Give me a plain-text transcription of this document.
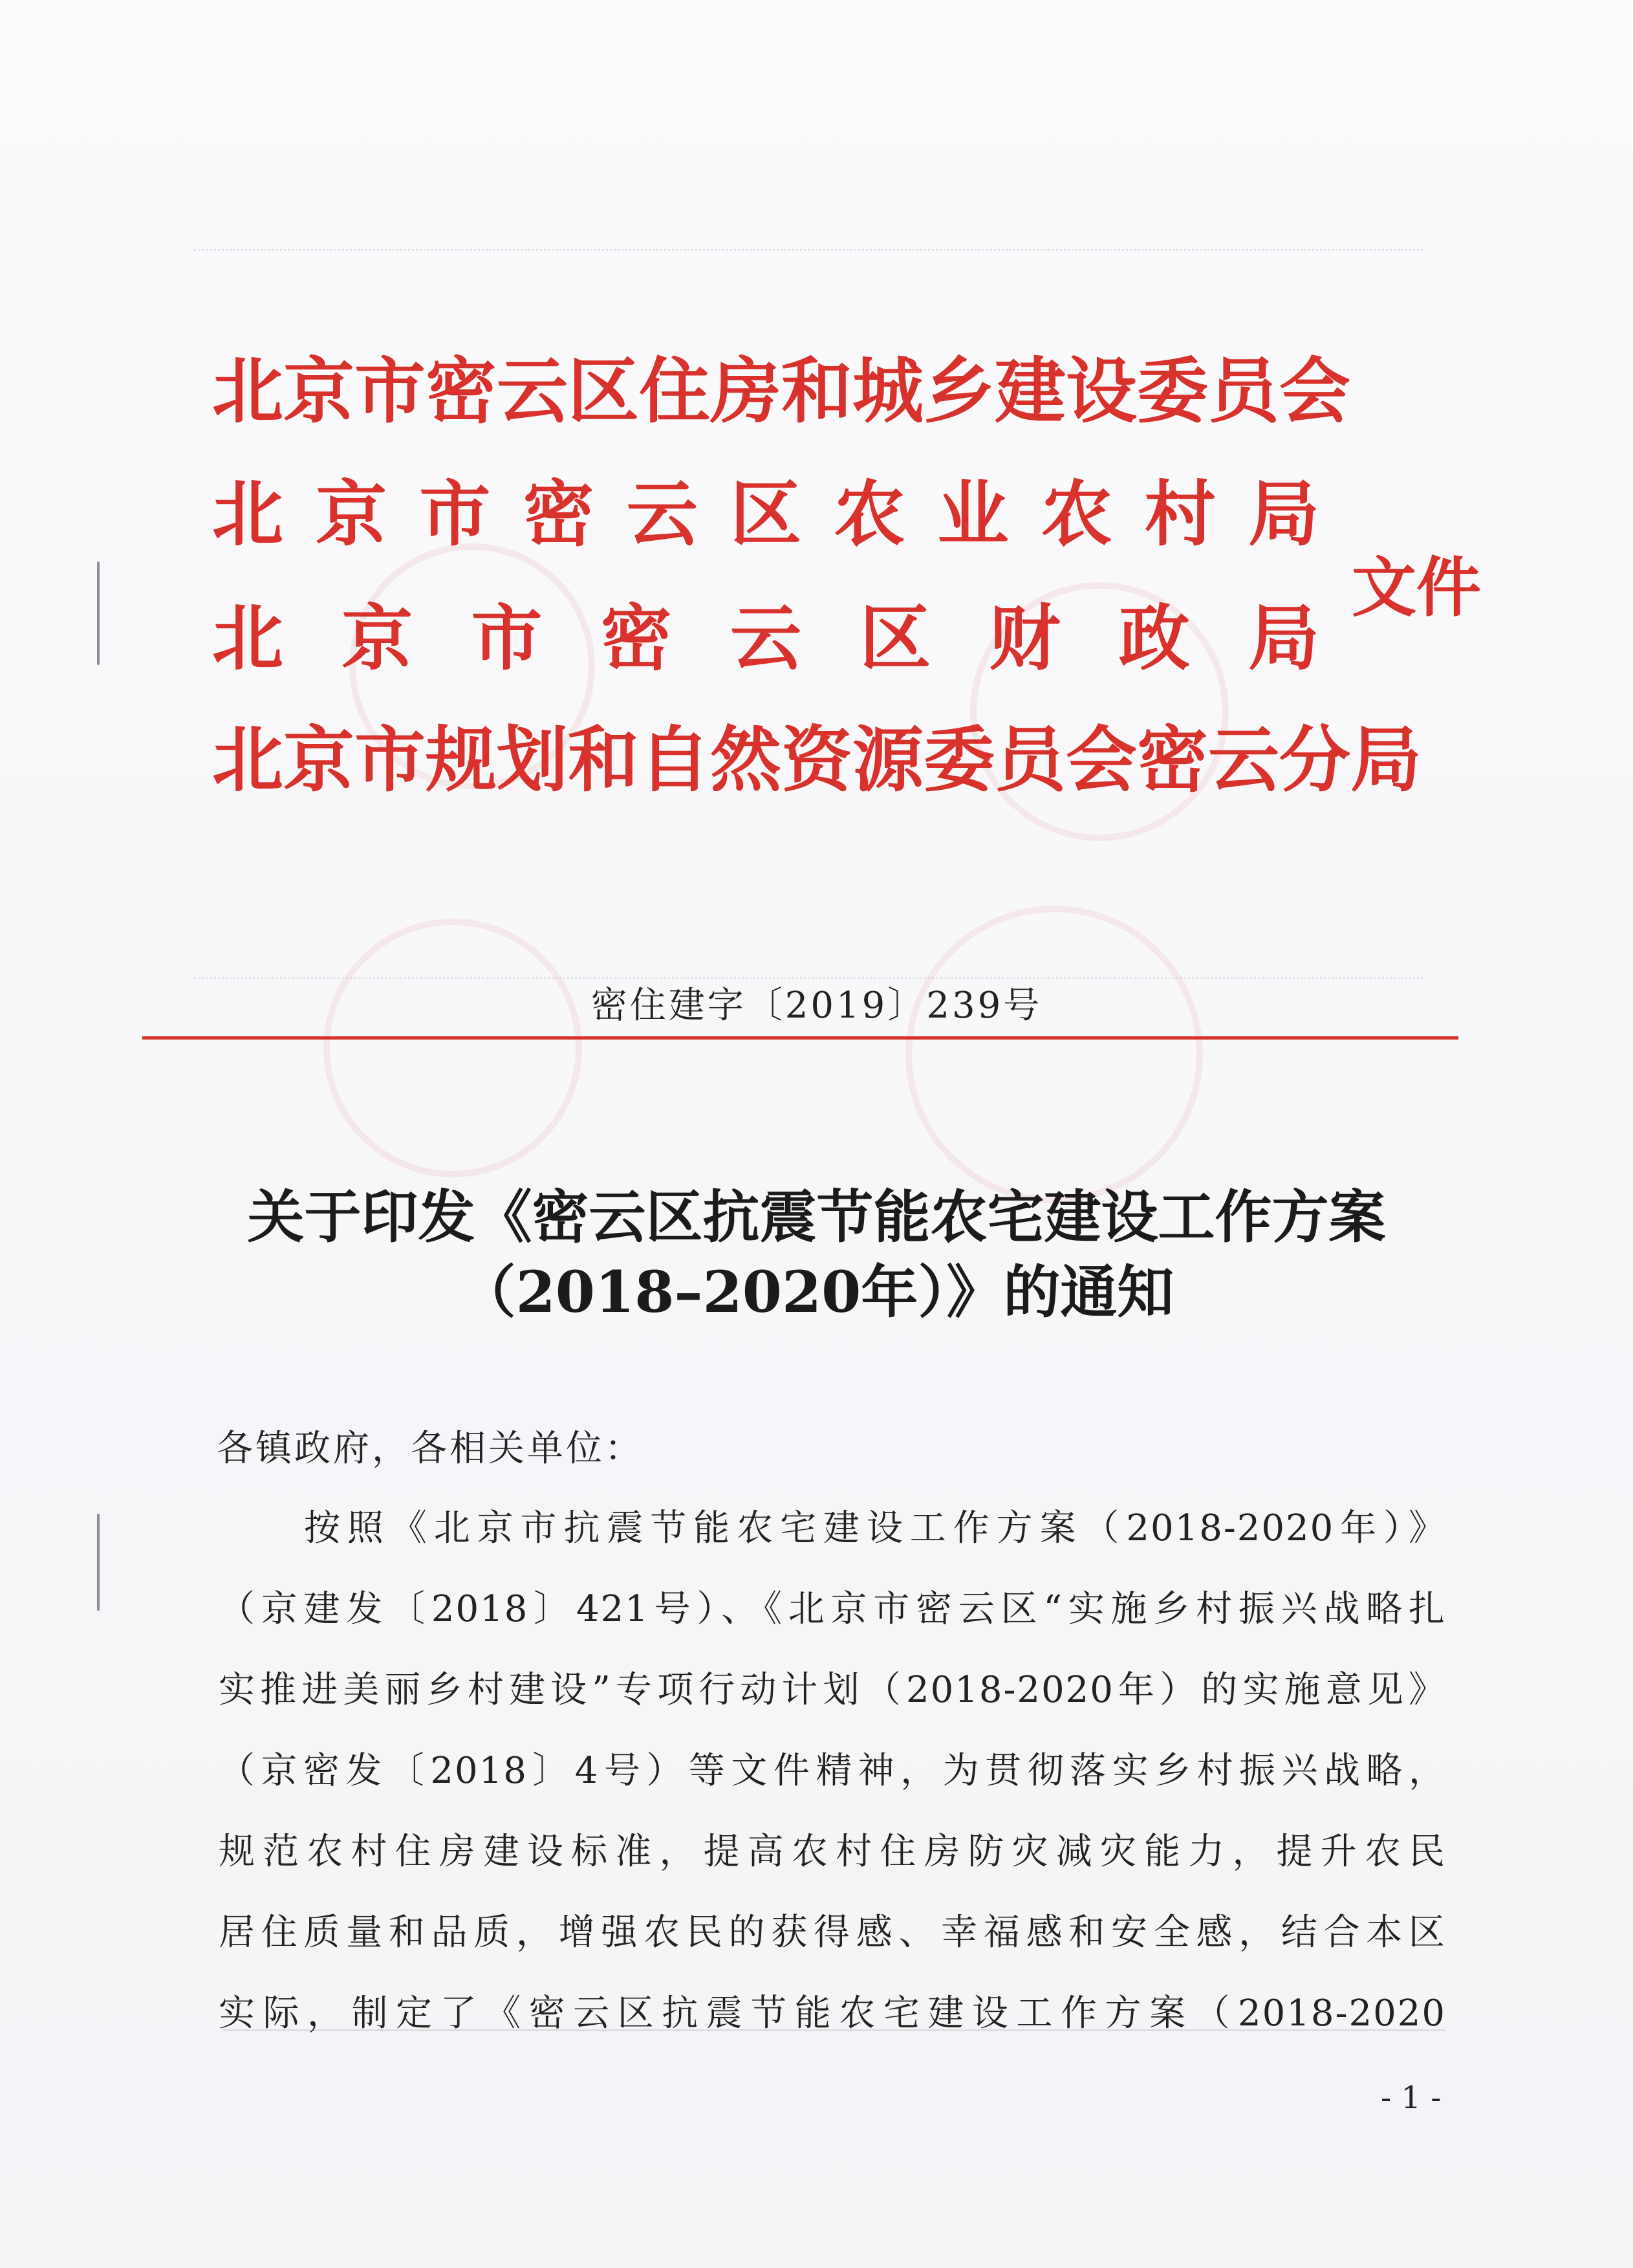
北京市密云区住房和城乡建设委员会
北京市密云区农业农村局
北京市密云区财政局
北京市规划和自然资源委员会密云分局
文件
密住建字〔2019〕239号
关于印发《密云区抗震节能农宅建设工作方案
（2018–2020年）》的通知
各镇政府，各相关单位：
按照《北京市抗震节能农宅建设工作方案（2018-2020年）》
（京建发〔2018〕421号）、《北京市密云区“实施乡村振兴战略扎
实推进美丽乡村建设”专项行动计划（2018-2020年）的实施意见》
（京密发〔2018〕4号）等文件精神，为贯彻落实乡村振兴战略，
规范农村住房建设标准，提高农村住房防灾减灾能力，提升农民
居住质量和品质，增强农民的获得感、幸福感和安全感，结合本区
实际，制定了《密云区抗震节能农宅建设工作方案（2018-2020
- 1 -
